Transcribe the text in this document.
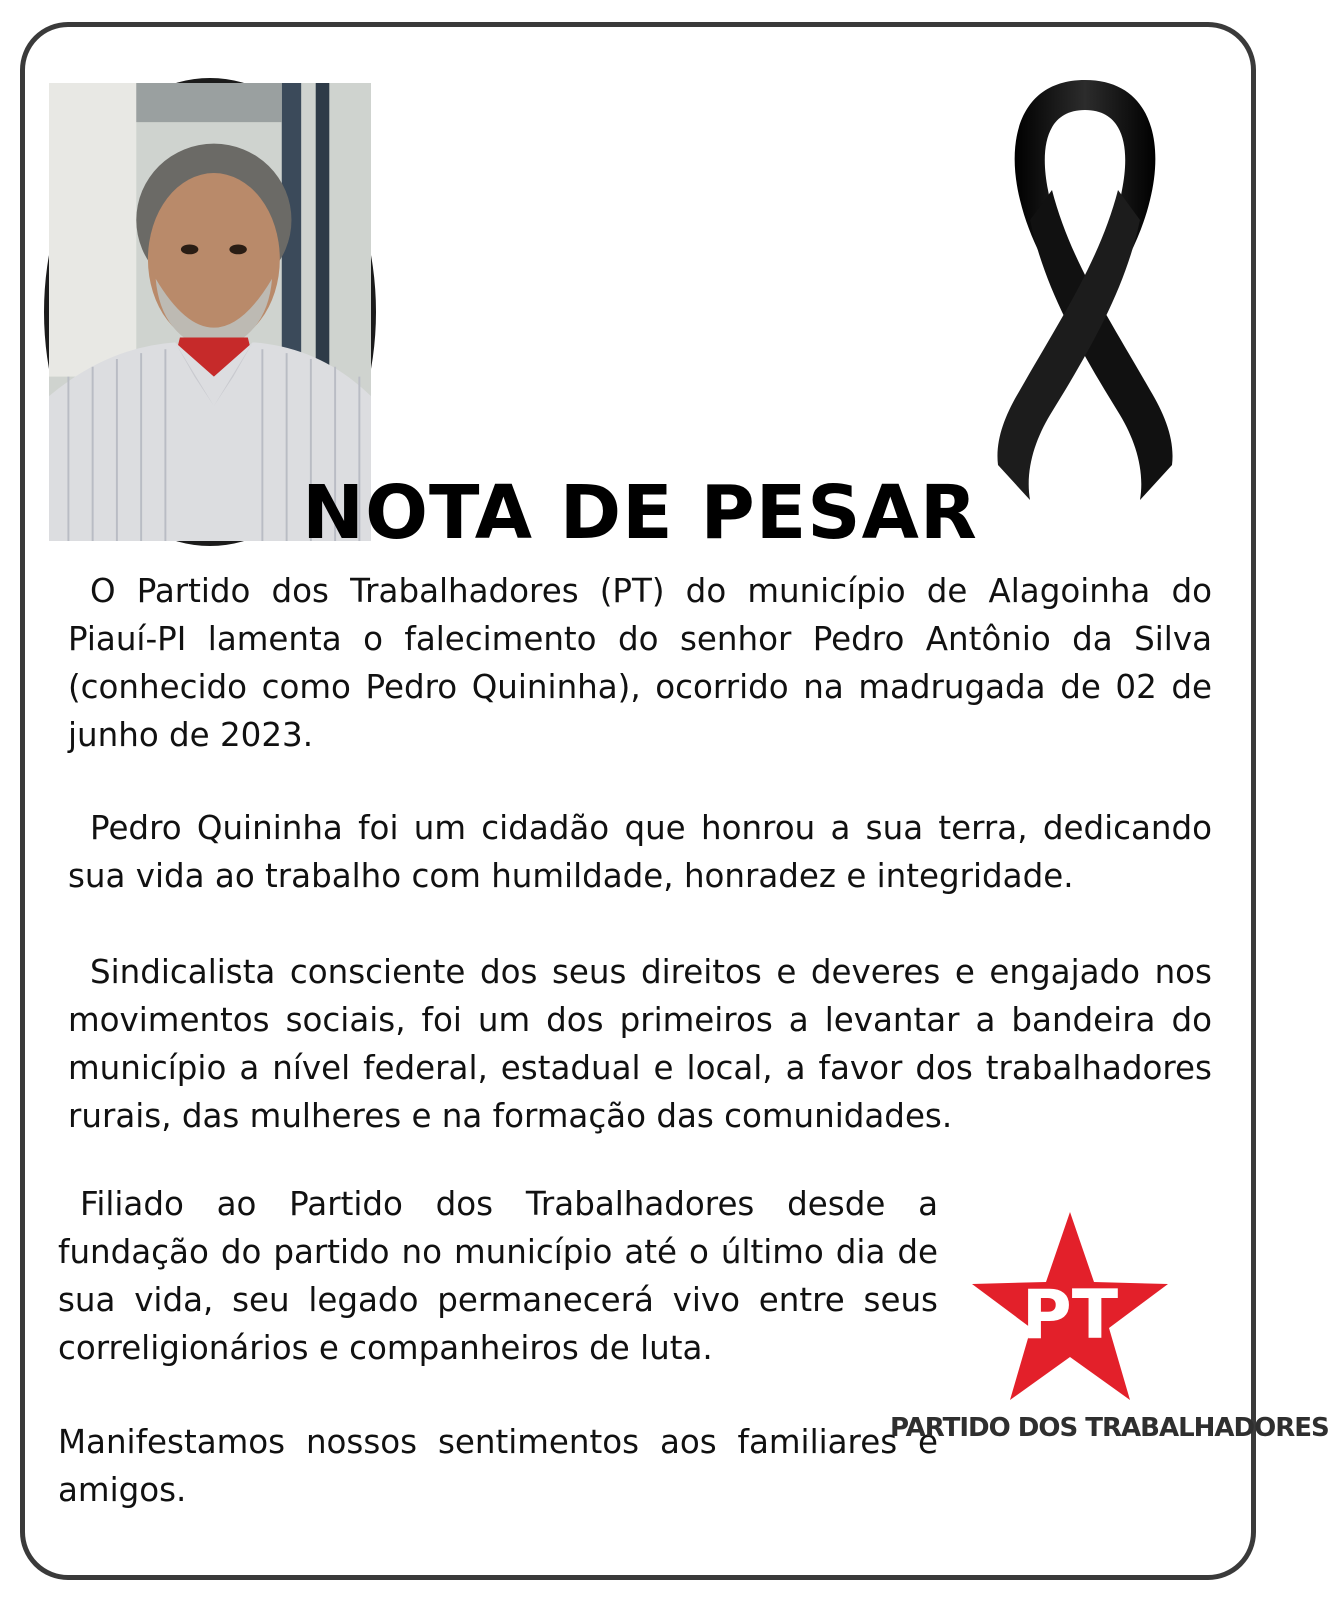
NOTA DE PESAR
O Partido dos Trabalhadores (PT) do município de Alagoinha do Piauí-PI lamenta o falecimento do senhor Pedro Antônio da Silva (conhecido como Pedro Quininha), ocorrido na madrugada de 02 de junho de 2023.
Pedro Quininha foi um cidadão que honrou a sua terra, dedicando sua vida ao trabalho com humildade, honradez e integridade.
Sindicalista consciente dos seus direitos e deveres e engajado nos movimentos sociais, foi um dos primeiros a levantar a bandeira do município a nível federal, estadual e local, a favor dos trabalhadores rurais, das mulheres e na formação das comunidades.
Filiado ao Partido dos Trabalhadores desde a fundação do partido no município até o último dia de sua vida, seu legado permanecerá vivo entre seus correligionários e companheiros de luta.
Manifestamos nossos sentimentos aos familiares e amigos.
PT
PARTIDO DOS TRABALHADORES
